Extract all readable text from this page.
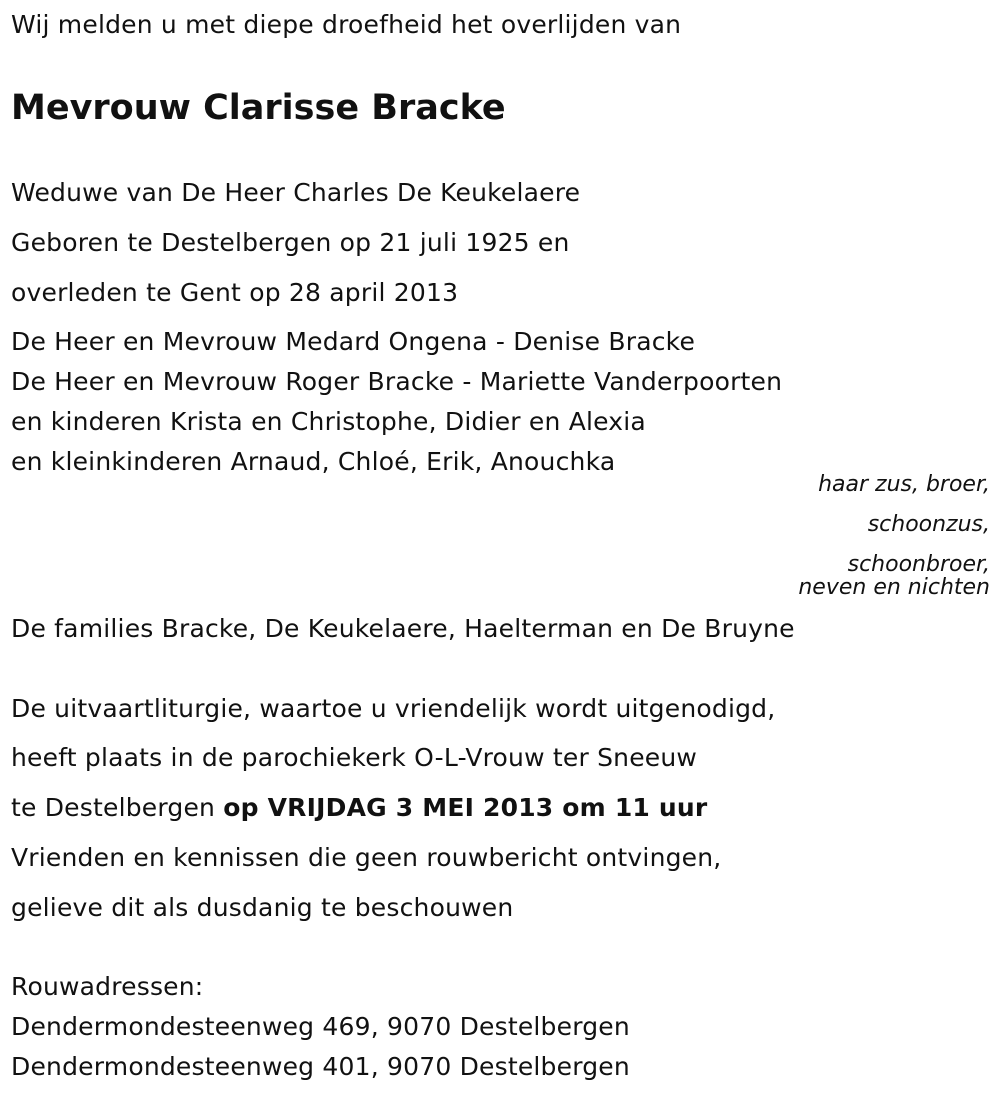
Wij melden u met diepe droefheid het overlijden van
Mevrouw Clarisse Bracke
Weduwe van De Heer Charles De Keukelaere
Geboren te Destelbergen op 21 juli 1925 en
overleden te Gent op 28 april 2013
De Heer en Mevrouw Medard Ongena - Denise Bracke
De Heer en Mevrouw Roger Bracke - Mariette Vanderpoorten
en kinderen Krista en Christophe, Didier en Alexia
en kleinkinderen Arnaud, Chloé, Erik, Anouchka
haar zus, broer,
schoonzus,
schoonbroer,
neven en nichten
De families Bracke, De Keukelaere, Haelterman en De Bruyne
De uitvaartliturgie, waartoe u vriendelijk wordt uitgenodigd,
heeft plaats in de parochiekerk O-L-Vrouw ter Sneeuw
te Destelbergen op VRIJDAG 3 MEI 2013 om 11 uur
Vrienden en kennissen die geen rouwbericht ontvingen,
gelieve dit als dusdanig te beschouwen
Rouwadressen:
Dendermondesteenweg 469, 9070 Destelbergen
Dendermondesteenweg 401, 9070 Destelbergen
